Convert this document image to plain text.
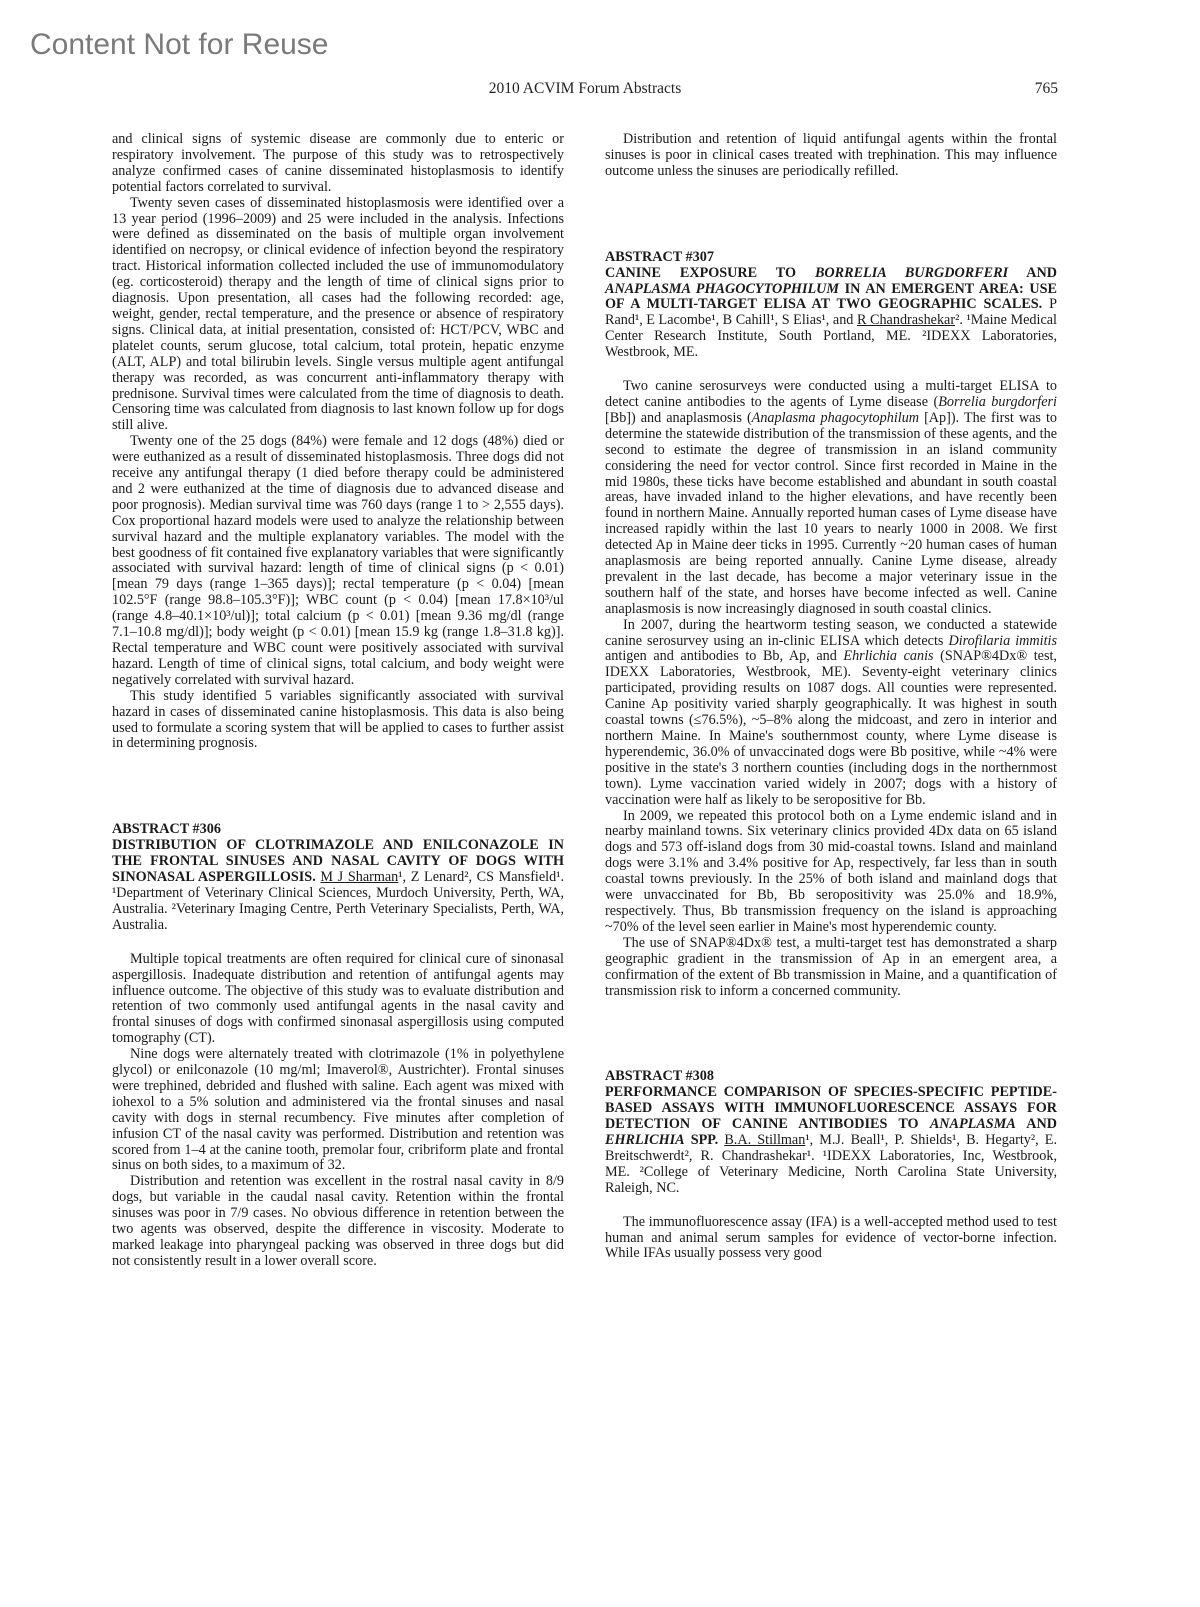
Content Not for Reuse
2010 ACVIM Forum Abstracts	765

and clinical signs of systemic disease are commonly due to enteric or respiratory involvement. The purpose of this study was to retrospectively analyze confirmed cases of canine disseminated histoplasmosis to identify potential factors correlated to survival.

Twenty seven cases of disseminated histoplasmosis were identified over a 13 year period (1996–2009) and 25 were included in the analysis. Infections were defined as disseminated on the basis of multiple organ involvement identified on necropsy, or clinical evidence of infection beyond the respiratory tract. Historical information collected included the use of immunomodulatory (eg. corticosteroid) therapy and the length of time of clinical signs prior to diagnosis. Upon presentation, all cases had the following recorded: age, weight, gender, rectal temperature, and the presence or absence of respiratory signs. Clinical data, at initial presentation, consisted of: HCT/PCV, WBC and platelet counts, serum glucose, total calcium, total protein, hepatic enzyme (ALT, ALP) and total bilirubin levels. Single versus multiple agent antifungal therapy was recorded, as was concurrent anti-inflammatory therapy with prednisone. Survival times were calculated from the time of diagnosis to death. Censoring time was calculated from diagnosis to last known follow up for dogs still alive.

Twenty one of the 25 dogs (84%) were female and 12 dogs (48%) died or were euthanized as a result of disseminated histoplasmosis. Three dogs did not receive any antifungal therapy (1 died before therapy could be administered and 2 were euthanized at the time of diagnosis due to advanced disease and poor prognosis). Median survival time was 760 days (range 1 to > 2,555 days). Cox proportional hazard models were used to analyze the relationship between survival hazard and the multiple explanatory variables. The model with the best goodness of fit contained five explanatory variables that were significantly associated with survival hazard: length of time of clinical signs (p < 0.01) [mean 79 days (range 1–365 days)]; rectal temperature (p < 0.04) [mean 102.5°F (range 98.8–105.3°F)]; WBC count (p < 0.04) [mean 17.8×10³/ul (range 4.8–40.1×10³/ul)]; total calcium (p < 0.01) [mean 9.36 mg/dl (range 7.1–10.8 mg/dl)]; body weight (p < 0.01) [mean 15.9 kg (range 1.8–31.8 kg)]. Rectal temperature and WBC count were positively associated with survival hazard. Length of time of clinical signs, total calcium, and body weight were negatively correlated with survival hazard.

This study identified 5 variables significantly associated with survival hazard in cases of disseminated canine histoplasmosis. This data is also being used to formulate a scoring system that will be applied to cases to further assist in determining prognosis.

ABSTRACT #306
DISTRIBUTION OF CLOTRIMAZOLE AND ENILCONAZOLE IN THE FRONTAL SINUSES AND NASAL CAVITY OF DOGS WITH SINONASAL ASPERGILLOSIS. M J Sharman¹, Z Lenard², CS Mansfield¹. ¹Department of Veterinary Clinical Sciences, Murdoch University, Perth, WA, Australia. ²Veterinary Imaging Centre, Perth Veterinary Specialists, Perth, WA, Australia.

Multiple topical treatments are often required for clinical cure of sinonasal aspergillosis. Inadequate distribution and retention of antifungal agents may influence outcome. The objective of this study was to evaluate distribution and retention of two commonly used antifungal agents in the nasal cavity and frontal sinuses of dogs with confirmed sinonasal aspergillosis using computed tomography (CT).

Nine dogs were alternately treated with clotrimazole (1% in polyethylene glycol) or enilconazole (10 mg/ml; Imaverol®, Austrichter). Frontal sinuses were trephined, debrided and flushed with saline. Each agent was mixed with iohexol to a 5% solution and administered via the frontal sinuses and nasal cavity with dogs in sternal recumbency. Five minutes after completion of infusion CT of the nasal cavity was performed. Distribution and retention was scored from 1–4 at the canine tooth, premolar four, cribriform plate and frontal sinus on both sides, to a maximum of 32.

Distribution and retention was excellent in the rostral nasal cavity in 8/9 dogs, but variable in the caudal nasal cavity. Retention within the frontal sinuses was poor in 7/9 cases. No obvious difference in retention between the two agents was observed, despite the difference in viscosity. Moderate to marked leakage into pharyngeal packing was observed in three dogs but did not consistently result in a lower overall score.

Distribution and retention of liquid antifungal agents within the frontal sinuses is poor in clinical cases treated with trephination. This may influence outcome unless the sinuses are periodically refilled.

ABSTRACT #307
CANINE EXPOSURE TO BORRELIA BURGDORFERI AND ANAPLASMA PHAGOCYTOPHILUM IN AN EMERGENT AREA: USE OF A MULTI-TARGET ELISA AT TWO GEOGRAPHIC SCALES. P Rand¹, E Lacombe¹, B Cahill¹, S Elias¹, and R Chandrashekar². ¹Maine Medical Center Research Institute, South Portland, ME. ²IDEXX Laboratories, Westbrook, ME.

Two canine serosurveys were conducted using a multi-target ELISA to detect canine antibodies to the agents of Lyme disease (Borrelia burgdorferi [Bb]) and anaplasmosis (Anaplasma phagocytophilum [Ap]). The first was to determine the statewide distribution of the transmission of these agents, and the second to estimate the degree of transmission in an island community considering the need for vector control. Since first recorded in Maine in the mid 1980s, these ticks have become established and abundant in south coastal areas, have invaded inland to the higher elevations, and have recently been found in northern Maine. Annually reported human cases of Lyme disease have increased rapidly within the last 10 years to nearly 1000 in 2008. We first detected Ap in Maine deer ticks in 1995. Currently ~20 human cases of human anaplasmosis are being reported annually. Canine Lyme disease, already prevalent in the last decade, has become a major veterinary issue in the southern half of the state, and horses have become infected as well. Canine anaplasmosis is now increasingly diagnosed in south coastal clinics.

In 2007, during the heartworm testing season, we conducted a statewide canine serosurvey using an in-clinic ELISA which detects Dirofilaria immitis antigen and antibodies to Bb, Ap, and Ehrlichia canis (SNAP®4Dx® test, IDEXX Laboratories, Westbrook, ME). Seventy-eight veterinary clinics participated, providing results on 1087 dogs. All counties were represented. Canine Ap positivity varied sharply geographically. It was highest in south coastal towns (≤76.5%), ~5–8% along the midcoast, and zero in interior and northern Maine. In Maine's southernmost county, where Lyme disease is hyperendemic, 36.0% of unvaccinated dogs were Bb positive, while ~4% were positive in the state's 3 northern counties (including dogs in the northernmost town). Lyme vaccination varied widely in 2007; dogs with a history of vaccination were half as likely to be seropositive for Bb.

In 2009, we repeated this protocol both on a Lyme endemic island and in nearby mainland towns. Six veterinary clinics provided 4Dx data on 65 island dogs and 573 off-island dogs from 30 mid-coastal towns. Island and mainland dogs were 3.1% and 3.4% positive for Ap, respectively, far less than in south coastal towns previously. In the 25% of both island and mainland dogs that were unvaccinated for Bb, Bb seropositivity was 25.0% and 18.9%, respectively. Thus, Bb transmission frequency on the island is approaching ~70% of the level seen earlier in Maine's most hyperendemic county.

The use of SNAP®4Dx® test, a multi-target test has demonstrated a sharp geographic gradient in the transmission of Ap in an emergent area, a confirmation of the extent of Bb transmission in Maine, and a quantification of transmission risk to inform a concerned community.

ABSTRACT #308
PERFORMANCE COMPARISON OF SPECIES-SPECIFIC PEPTIDE-BASED ASSAYS WITH IMMUNOFLUORESCENCE ASSAYS FOR DETECTION OF CANINE ANTIBODIES TO ANAPLASMA AND EHRLICHIA SPP. B.A. Stillman¹, M.J. Beall¹, P. Shields¹, B. Hegarty², E. Breitschwerdt², R. Chandrashekar¹. ¹IDEXX Laboratories, Inc, Westbrook, ME. ²College of Veterinary Medicine, North Carolina State University, Raleigh, NC.

The immunofluorescence assay (IFA) is a well-accepted method used to test human and animal serum samples for evidence of vector-borne infection. While IFAs usually possess very good
